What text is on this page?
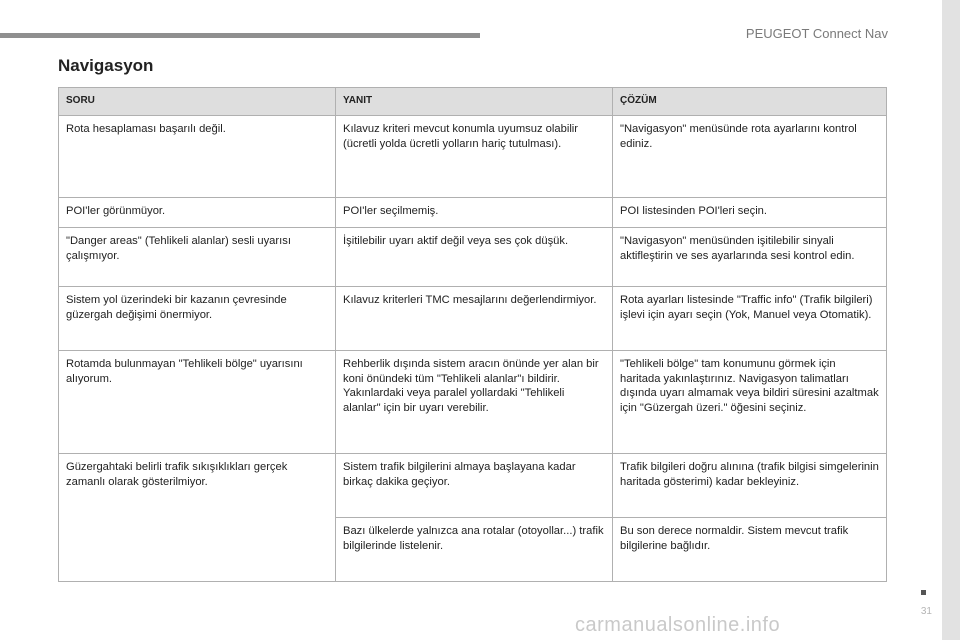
PEUGEOT Connect Nav
Navigasyon
SORU	YANIT	ÇÖZÜM
Rota hesaplaması başarılı değil.	Kılavuz kriteri mevcut konumla uyumsuz olabilir (ücretli yolda ücretli yolların hariç tutulması).	"Navigasyon" menüsünde rota ayarlarını kontrol ediniz.
POI'ler görünmüyor.	POI'ler seçilmemiş.	POI listesinden POI'leri seçin.
"Danger areas" (Tehlikeli alanlar) sesli uyarısı çalışmıyor.	İşitilebilir uyarı aktif değil veya ses çok düşük.	"Navigasyon" menüsünden işitilebilir sinyali aktifleştirin ve ses ayarlarında sesi kontrol edin.
Sistem yol üzerindeki bir kazanın çevresinde güzergah değişimi önermiyor.	Kılavuz kriterleri TMC mesajlarını değerlendirmiyor.	Rota ayarları listesinde "Traffic info" (Trafik bilgileri) işlevi için ayarı seçin (Yok, Manuel veya Otomatik).
Rotamda bulunmayan "Tehlikeli bölge" uyarısını alıyorum.	Rehberlik dışında sistem aracın önünde yer alan bir koni önündeki tüm "Tehlikeli alanlar"ı bildirir. Yakınlardaki veya paralel yollardaki "Tehlikeli alanlar" için bir uyarı verebilir.	"Tehlikeli bölge" tam konumunu görmek için haritada yakınlaştırınız. Navigasyon talimatları dışında uyarı almamak veya bildiri süresini azaltmak için "Güzergah üzeri." öğesini seçiniz.
Güzergahtaki belirli trafik sıkışıklıkları gerçek zamanlı olarak gösterilmiyor.	Sistem trafik bilgilerini almaya başlayana kadar birkaç dakika geçiyor.	Trafik bilgileri doğru alınına (trafik bilgisi simgelerinin haritada gösterimi) kadar bekleyiniz.
	Bazı ülkelerde yalnızca ana rotalar (otoyollar...) trafik bilgilerinde listelenir.	Bu son derece normaldir. Sistem mevcut trafik bilgilerine bağlıdır.
31
carmanualsonline.info
